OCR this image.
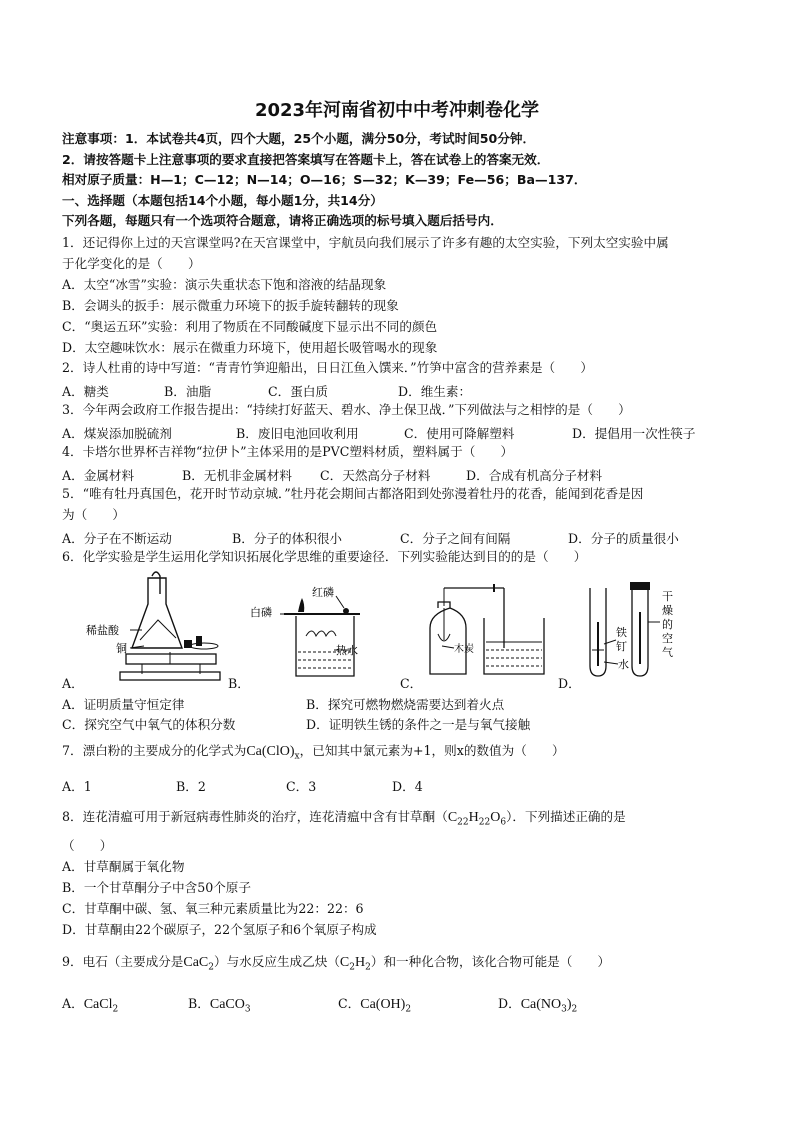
2023年河南省初中中考冲刺卷化学
注意事项：1．本试卷共4页，四个大题，25个小题，满分50分，考试时间50分钟．
2．请按答题卡上注意事项的要求直接把答案填写在答题卡上，答在试卷上的答案无效．
相对原子质量：H—1；C—12；N—14；O—16；S—32；K—39；Fe—56；Ba—137．
一、选择题（本题包括14个小题，每小题1分，共14分）
下列各题，每题只有一个选项符合题意，请将正确选项的标号填入题后括号内．
1．还记得你上过的天宫课堂吗?在天宫课堂中，宇航员向我们展示了许多有趣的太空实验，下列太空实验中属
于化学变化的是（　　）
A．太空“冰雪”实验：演示失重状态下饱和溶液的结晶现象
B．会调头的扳手：展示微重力环境下的扳手旋转翻转的现象
C．“奥运五环”实验：利用了物质在不同酸碱度下显示出不同的颜色
D．太空趣味饮水：展示在微重力环境下，使用超长吸管喝水的现象
2．诗人杜甫的诗中写道：“青青竹笋迎船出，日日江鱼入馔来．”竹笋中富含的营养素是（　　）
A．糖类	B．油脂	C．蛋白质	D．维生素：
3．今年两会政府工作报告提出：“持续打好蓝天、碧水、净土保卫战．”下列做法与之相悖的是（　　）
A．煤炭添加脱硫剂	B．废旧电池回收利用	C．使用可降解塑料	D．提倡用一次性筷子
4．卡塔尔世界杯吉祥物“拉伊卜”主体采用的是PVC塑料材质，塑料属于（　　）
A．金属材料	B．无机非金属材料 C．天然高分子材料	D．合成有机高分子材料
5．“唯有牡丹真国色，花开时节动京城．”牡丹花会期间古都洛阳到处弥漫着牡丹的花香，能闻到花香是因
为（　　）
A．分子在不断运动	B．分子的体积很小	C．分子之间有间隔	D．分子的质量很小
6．化学实验是学生运用化学知识拓展化学思维的重要途径．下列实验能达到目的的是（　　）
稀盐酸
铜
A．
红磷
白磷
热水
B．
木炭
C．
铁
钉
水
干
燥
的
空
气
D．
A．证明质量守恒定律	B．探究可燃物燃烧需要达到着火点
C．探究空气中氧气的体积分数	D．证明铁生锈的条件之一是与氧气接触
7．漂白粉的主要成分的化学式为$Ca(ClO)_x$，已知其中氯元素为+1，则x的数值为（　　）
A．1	B．2	C．3	D．4
8．连花清瘟可用于新冠病毒性肺炎的治疗，连花清瘟中含有甘草酮$(C_{22}H_{22}O_6)$．下列描述正确的是
（　　）
A．甘草酮属于氧化物
B．一个甘草酮分子中含50个原子
C．甘草酮中碳、氢、氧三种元素质量比为22：22：6
D．甘草酮由22个碳原子，22个氢原子和6个氧原子构成
9．电石（主要成分是CaC$_2$）与水反应生成乙炔$(C_2H_2)$和一种化合物，该化合物可能是（　　）
A．CaCl$_2$	B．CaCO$_3$	C．$Ca(OH)_2$	D．$Ca(NO_3)_2$
